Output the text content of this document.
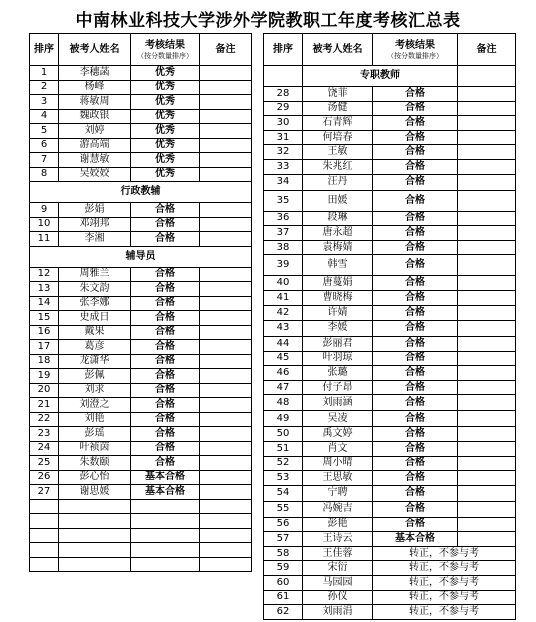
中南林业科技大学涉外学院教职工年度考核汇总表
排序	被考人姓名	考核结果
（按分数量排序）	备注
1	李穗菡	优秀	
2	杨峰	优秀	
3	蒋敏周	优秀	
4	魏政银	优秀	
5	刘婷	优秀	
6	游高端	优秀	
7	谢慧敏	优秀	
8	吴姣姣	优秀	
行政教辅			
9	彭娟	合格	
10	邓翊邦	合格	
11	李湘	合格	
辅导员			
12	周雅兰	合格	
13	朱文韵	合格	
14	张李娜	合格	
15	史成日	合格	
16	戴果	合格	
17	葛彦	合格	
18	龙潇华	合格	
19	彭佩	合格	
20	刘求	合格	
21	刘澄之	合格	
22	刘艳	合格	
23	彭瑶	合格	
24	叶祯茵	合格	
25	朱数颐	合格	
26	彭心怡	基本合格	
27	谢思媛	基本合格	

排序	被考人姓名	考核结果
（按分数量排序）	备注
	专职教师		
28	饶菲	合格	
29	汤健	合格	
30	石青辉	合格	
31	何培春	合格	
32	王敏	合格	
33	朱兆红	合格	
34	汪丹	合格	
35	田媛	合格	
36	段琳	合格	
37	唐永超	合格	
38	袁梅婧	合格	
39	韩雪	合格	
40	唐蔓娟	合格	
41	曹晓梅	合格	
42	许婧	合格	
43	李媛	合格	
44	彭丽君	合格	
45	叶羽琼	合格	
46	张璐	合格	
47	付子昂	合格	
48	刘雨涵	合格	
49	吴凌	合格	
50	禹文婷	合格	
51	肖文	合格	
52	周小晴	合格	
53	王思敏	合格	
54	宁聘	合格	
55	冯婉吉	合格	
56	彭艳	合格	
57	王诗云	基本合格	
58	王佳蓉	转正，不参与考	
59	宋衍	转正，不参与考	
60	马园园	转正，不参与考	
61	孙仪	转正，不参与考	
62	刘雨涓	转正，不参与考	
